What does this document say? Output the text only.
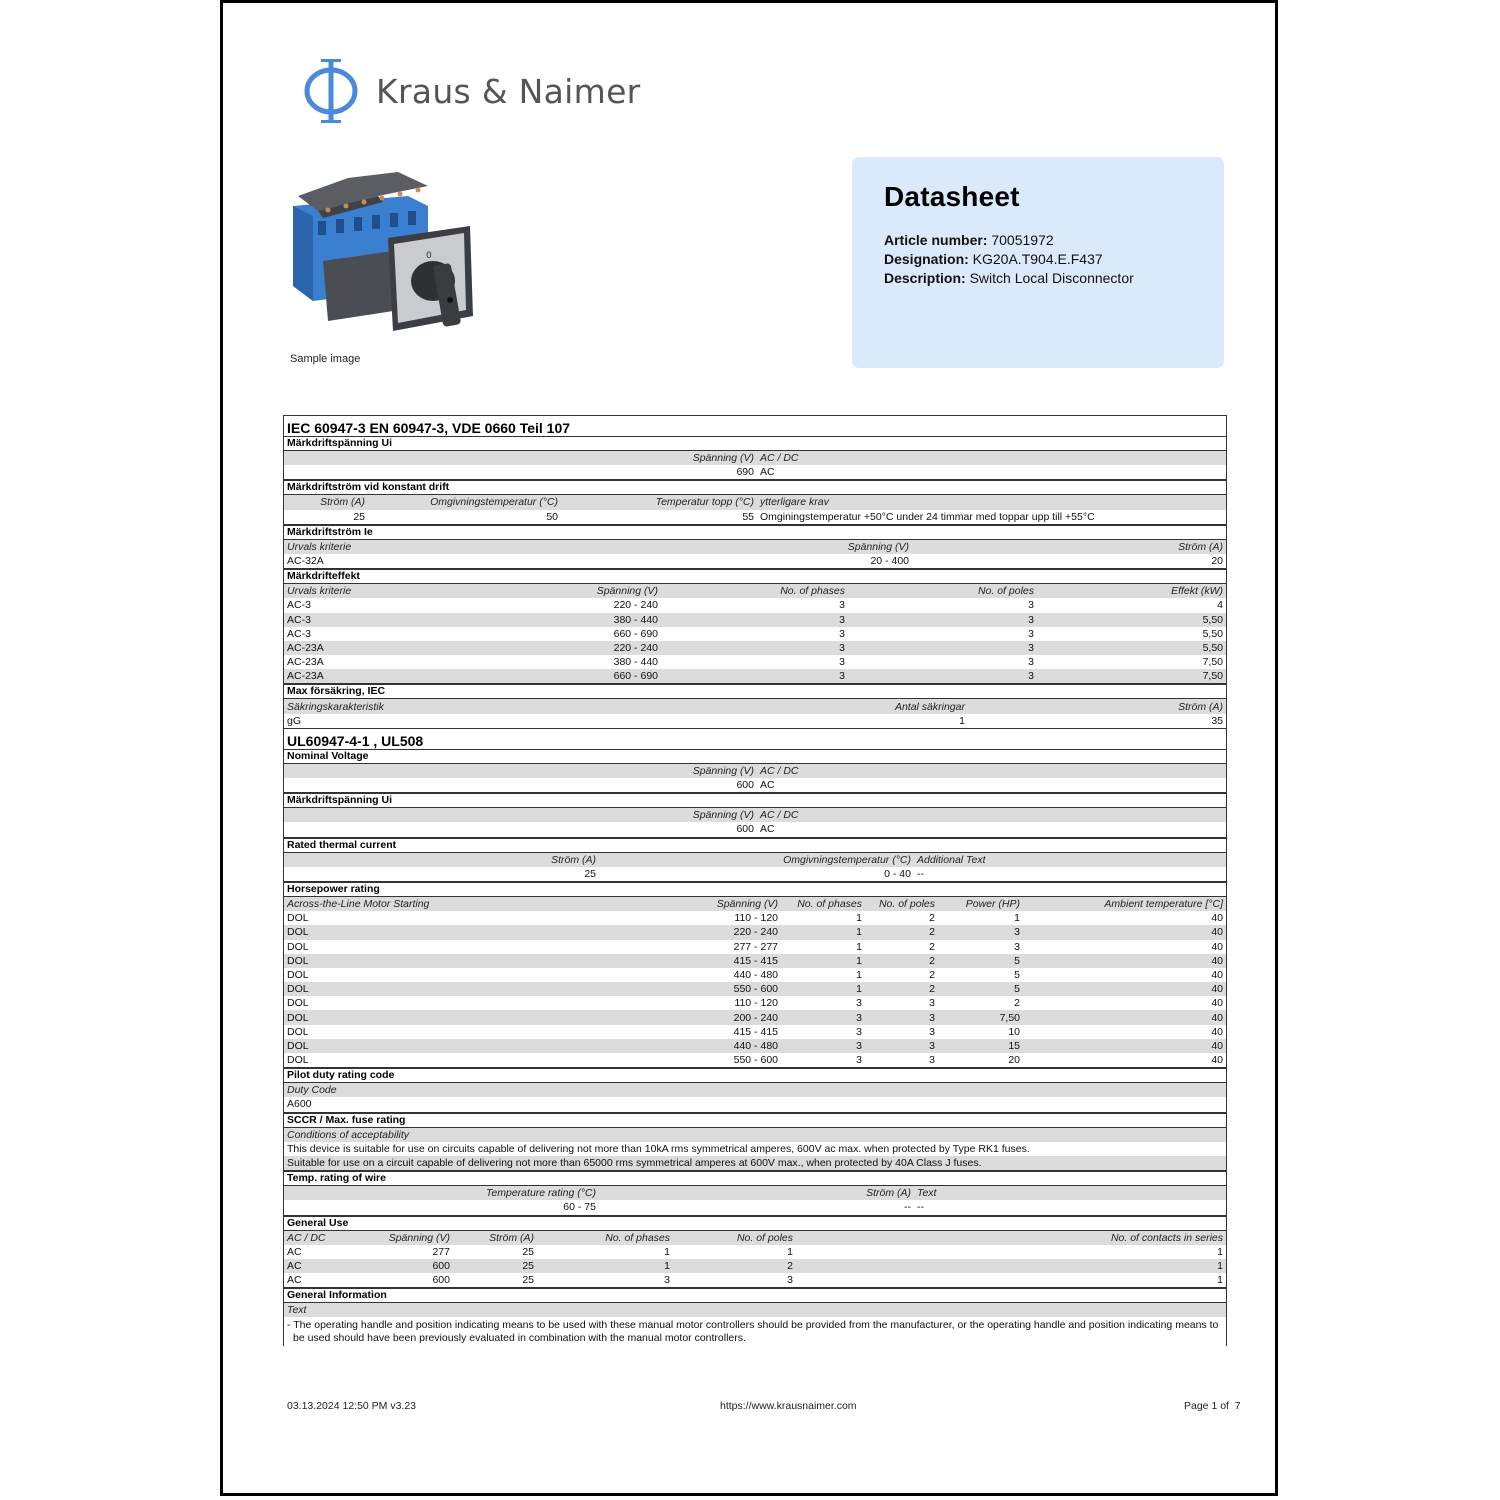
Kraus & Naimer
0
Sample image
Datasheet
Article number: 70051972
Designation: KG20A.T904.E.F437
Description: Switch Local Disconnector
IEC 60947-3 EN 60947-3, VDE 0660 Teil 107
Märkdriftspänning Ui
Spänning (V)	AC / DC
690	AC
Märkdriftström vid konstant drift
Ström (A)	Omgivningstemperatur (°C)	Temperatur topp (°C)	ytterligare krav
25	50	55	Omginingstemperatur +50°C under 24 timmar med toppar upp till +55°C
Märkdriftström Ie
Urvals kriterie	Spänning (V)	Ström (A)
AC-32A	20 - 400	20
Märkdrifteffekt
Urvals kriterie	Spänning (V)	No. of phases	No. of poles	Effekt (kW)
AC-3	220 - 240	3	3	4
AC-3	380 - 440	3	3	5,50
AC-3	660 - 690	3	3	5,50
AC-23A	220 - 240	3	3	5,50
AC-23A	380 - 440	3	3	7,50
AC-23A	660 - 690	3	3	7,50
Max försäkring, IEC
Säkringskarakteristik	Antal säkringar	Ström (A)
gG	1	35
UL60947-4-1 , UL508
Nominal Voltage
Spänning (V)	AC / DC
600	AC
Märkdriftspänning Ui
Spänning (V)	AC / DC
600	AC
Rated thermal current
Ström (A)	Omgivningstemperatur (°C)	Additional Text
25	0 - 40	--
Horsepower rating
Across-the-Line Motor Starting	Spänning (V)	No. of phases	No. of poles	Power (HP)	Ambient temperature [°C]
DOL	110 - 120	1	2	1	40
DOL	220 - 240	1	2	3	40
DOL	277 - 277	1	2	3	40
DOL	415 - 415	1	2	5	40
DOL	440 - 480	1	2	5	40
DOL	550 - 600	1	2	5	40
DOL	110 - 120	3	3	2	40
DOL	200 - 240	3	3	7,50	40
DOL	415 - 415	3	3	10	40
DOL	440 - 480	3	3	15	40
DOL	550 - 600	3	3	20	40
Pilot duty rating code
Duty Code
A600
SCCR / Max. fuse rating
Conditions of acceptability
This device is suitable for use on circuits capable of delivering not more than 10kA rms symmetrical amperes, 600V ac max. when protected by Type RK1 fuses.
Suitable for use on a circuit capable of delivering not more than 65000 rms symmetrical amperes at 600V max., when protected by 40A Class J fuses.
Temp. rating of wire
Temperature rating (°C)	Ström (A)	Text
60 - 75	--	--
General Use
AC / DC	Spänning (V)	Ström (A)	No. of phases	No. of poles	No. of contacts in series
AC	277	25	1	1	1
AC	600	25	1	2	1
AC	600	25	3	3	1
General Information
Text

- The operating handle and position indicating means to be used with these manual motor controllers should be provided from the manufacturer, or the operating handle and position indicating means to be used should have been previously evaluated in combination with the manual motor controllers.
03.13.2024 12:50 PM v3.23	https://www.krausnaimer.com	Page 1 of  7
